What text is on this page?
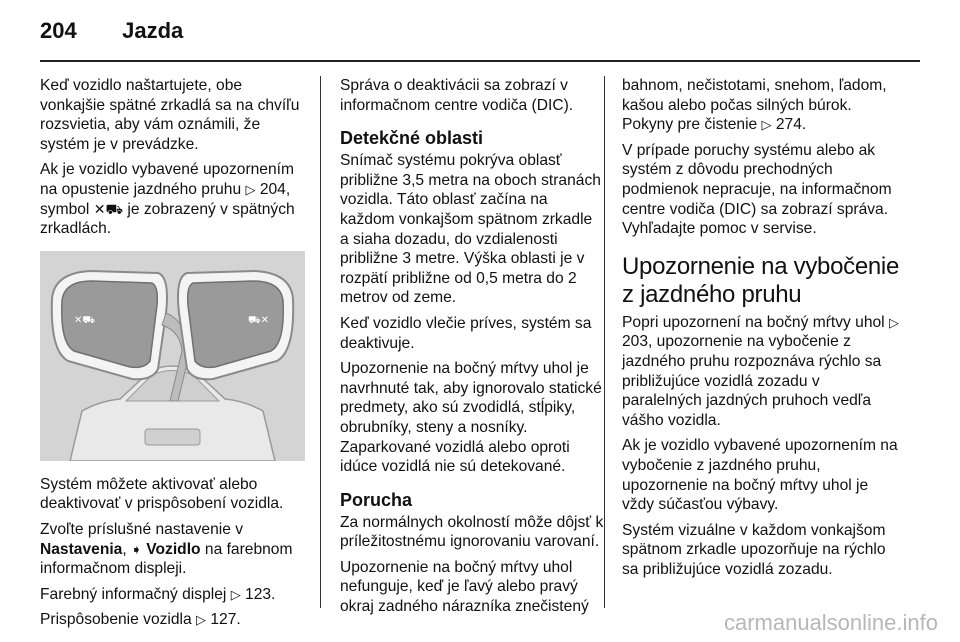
204 Jazda

Keď vozidlo naštartujete, obe vonkajšie spätné zrkadlá sa na chvíľu rozsvietia, aby vám oznámili, že systém je v prevádzke.

Ak je vozidlo vybavené upozornením na opustenie jazdného pruhu ▷ 204, symbol ✕⛟ je zobrazený v spätných zrkadlách.

✕⛟	⛟✕

Systém môžete aktivovať alebo deaktivovať v prispôsobení vozidla.

Zvoľte príslušné nastavenie v Nastavenia, ➧ Vozidlo na farebnom informačnom displeji.

Farebný informačný displej ▷ 123.

Prispôsobenie vozidla ▷ 127.

Správa o deaktivácii sa zobrazí v informačnom centre vodiča (DIC).

Detekčné oblasti

Snímač systému pokrýva oblasť približne 3,5 metra na oboch stranách vozidla. Táto oblasť začína na každom vonkajšom spätnom zrkadle a siaha dozadu, do vzdialenosti približne 3 metre. Výška oblasti je v rozpätí približne od 0,5 metra do 2 metrov od zeme.

Keď vozidlo vlečie príves, systém sa deaktivuje.

Upozornenie na bočný mŕtvy uhol je navrhnuté tak, aby ignorovalo statické predmety, ako sú zvodidlá, stĺpiky, obrubníky, steny a nosníky. Zaparkované vozidlá alebo oproti idúce vozidlá nie sú detekované.

Porucha

Za normálnych okolností môže dôjsť k príležitostnému ignorovaniu varovaní.

Upozornenie na bočný mŕtvy uhol nefunguje, keď je ľavý alebo pravý okraj zadného nárazníka znečistený

bahnom, nečistotami, snehom, ľadom, kašou alebo počas silných búrok. Pokyny pre čistenie ▷ 274.

V prípade poruchy systému alebo ak systém z dôvodu prechodných podmienok nepracuje, na informačnom centre vodiča (DIC) sa zobrazí správa. Vyhľadajte pomoc v servise.

Upozornenie na vybočenie z jazdného pruhu

Popri upozornení na bočný mŕtvy uhol ▷ 203, upozornenie na vybočenie z jazdného pruhu rozpoznáva rýchlo sa približujúce vozidlá zozadu v paralelných jazdných pruhoch vedľa vášho vozidla.

Ak je vozidlo vybavené upozornením na vybočenie z jazdného pruhu, upozornenie na bočný mŕtvy uhol je vždy súčasťou výbavy.

Systém vizuálne v každom vonkajšom spätnom zrkadle upozorňuje na rýchlo sa približujúce vozidlá zozadu.

carmanualsonline.info
